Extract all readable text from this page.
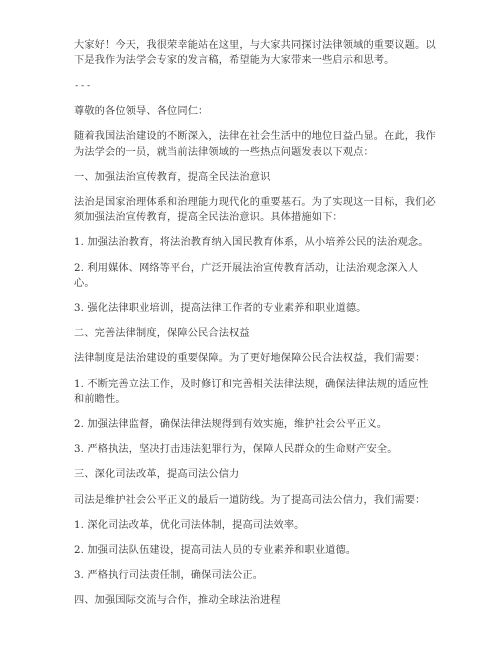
大家好！今天，我很荣幸能站在这里，与大家共同探讨法律领域的重要议题。以下是我作为法学会专家的发言稿，希望能为大家带来一些启示和思考。

---

尊敬的各位领导、各位同仁：

随着我国法治建设的不断深入，法律在社会生活中的地位日益凸显。在此，我作为法学会的一员，就当前法律领域的一些热点问题发表以下观点：

一、加强法治宣传教育，提高全民法治意识

法治是国家治理体系和治理能力现代化的重要基石。为了实现这一目标，我们必须加强法治宣传教育，提高全民法治意识。具体措施如下：

1. 加强法治教育，将法治教育纳入国民教育体系，从小培养公民的法治观念。

2. 利用媒体、网络等平台，广泛开展法治宣传教育活动，让法治观念深入人心。

3. 强化法律职业培训，提高法律工作者的专业素养和职业道德。

二、完善法律制度，保障公民合法权益

法律制度是法治建设的重要保障。为了更好地保障公民合法权益，我们需要：

1. 不断完善立法工作，及时修订和完善相关法律法规，确保法律法规的适应性和前瞻性。

2. 加强法律监督，确保法律法规得到有效实施，维护社会公平正义。

3. 严格执法，坚决打击违法犯罪行为，保障人民群众的生命财产安全。

三、深化司法改革，提高司法公信力

司法是维护社会公平正义的最后一道防线。为了提高司法公信力，我们需要：

1. 深化司法改革，优化司法体制，提高司法效率。

2. 加强司法队伍建设，提高司法人员的专业素养和职业道德。

3. 严格执行司法责任制，确保司法公正。

四、加强国际交流与合作，推动全球法治进程
